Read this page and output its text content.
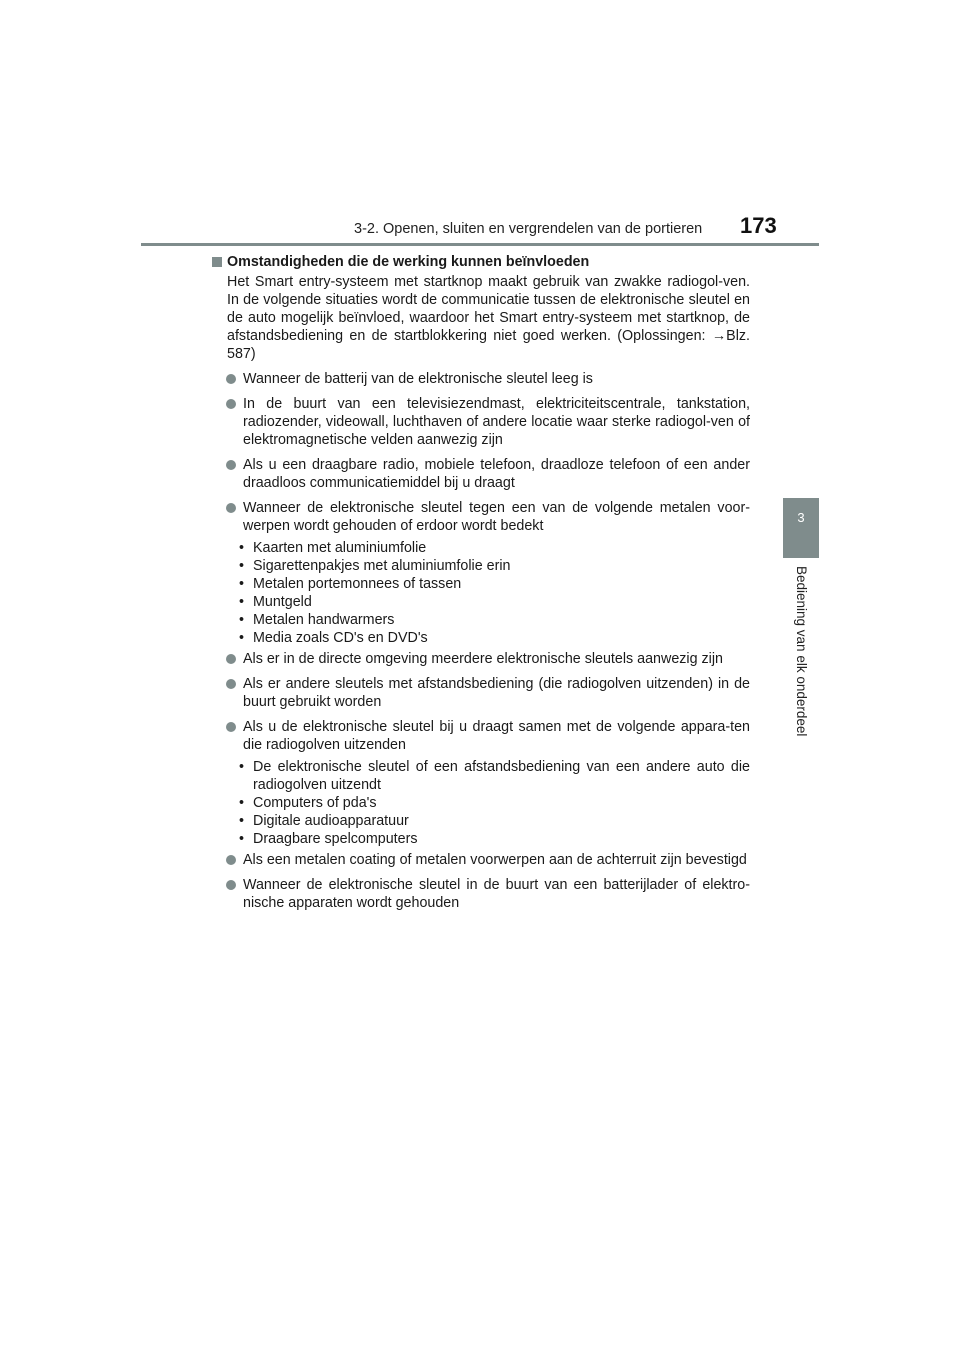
3-2. Openen, sluiten en vergrendelen van de portieren 173
3
Bediening van elk onderdeel
Omstandigheden die de werking kunnen beïnvloeden
Het Smart entry-systeem met startknop maakt gebruik van zwakke radiogol-ven. In de volgende situaties wordt de communicatie tussen de elektronische sleutel en de auto mogelijk beïnvloed, waardoor het Smart entry-systeem met startknop, de afstandsbediening en de startblokkering niet goed werken. (Oplossingen: →Blz. 587)
Wanneer de batterij van de elektronische sleutel leeg is
In de buurt van een televisiezendmast, elektriciteitscentrale, tankstation, radiozender, videowall, luchthaven of andere locatie waar sterke radiogol-ven of elektromagnetische velden aanwezig zijn
Als u een draagbare radio, mobiele telefoon, draadloze telefoon of een ander draadloos communicatiemiddel bij u draagt
Wanneer de elektronische sleutel tegen een van de volgende metalen voor-werpen wordt gehouden of erdoor wordt bedekt
• Kaarten met aluminiumfolie
• Sigarettenpakjes met aluminiumfolie erin
• Metalen portemonnees of tassen
• Muntgeld
• Metalen handwarmers
• Media zoals CD's en DVD's
Als er in de directe omgeving meerdere elektronische sleutels aanwezig zijn
Als er andere sleutels met afstandsbediening (die radiogolven uitzenden) in de buurt gebruikt worden
Als u de elektronische sleutel bij u draagt samen met de volgende appara-ten die radiogolven uitzenden
• De elektronische sleutel of een afstandsbediening van een andere auto die radiogolven uitzendt
• Computers of pda's
• Digitale audioapparatuur
• Draagbare spelcomputers
Als een metalen coating of metalen voorwerpen aan de achterruit zijn bevestigd
Wanneer de elektronische sleutel in de buurt van een batterijlader of elektro-nische apparaten wordt gehouden
